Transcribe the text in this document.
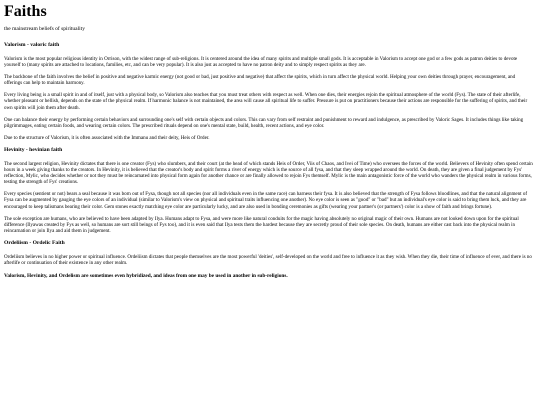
Faiths
the mainstream beliefs of spirituality
Valorism - valoric faith

Valorism is the most popular religious identity in Orrison, with the widest range of sub-religions. It is centered around the idea of many spirits and multiple small gods. It is acceptable in Valorism to accept one god or a few gods as patron deities to devote yourself to (many spirits are attached to locations, families, etc, and can be very popular). It is also just as accepted to have no patron deity and to simply respect spirits as they are.

The backbone of the faith involves the belief in positive and negative karmic energy (not good or bad, just positive and negative) that affect the spirits, which in turn affect the physical world. Helping your own deities through prayer, encouragement, and offerings can help to maintain harmony.

Every living being is a small spirit in and of itself, just with a physical body, so Valorism also teaches that you must treat others with respect as well. When one dies, their energies rejoin the spiritual atmosphere of the world (Fys). The state of their afterlife, whether pleasant or hellish, depends on the state of the physical realm. If harmonic balance is not maintained, the area will cause all spiritual life to suffer. Pressure is put on practitioners because their actions are responsible for the suffering of spirits, and their own spirits will join them after death.

One can balance their energy by performing certain behaviors and surrounding one's self with certain objects and colors. This can vary from self restraint and punishment to reward and indulgence, as prescribed by Valoric Sages. It includes things like taking pilgrimmages, eating certain foods, and wearing certain colors. The prescribed rituals depend on one's mental state, build, health, recent actions, and eye color.

Due to the structure of Valorism, it is often associated with the Immanu and their deity, Heis of Order.

Hevinity - hevinian faith

The second largest religion, Hevinity dictates that there is one creator (Fys) who slumbers, and their court (at the head of which stands Heis of Order, Viis of Chaos, and Ivei of Time) who oversees the forces of the world. Believers of Hevinity often spend certain hours in a week giving thanks to the creators. In Hevinity, it is believed that the creator's body and spirit forms a river of energy which is the source of all fysa, and that they sleep wrapped around the world. On death, they are given a final judgement by Fys' reflection, Mylic, who decides whether or not they must be reincarnated into physical form again for another chance or are finally allowed to rejoin Fys themself. Mylic is the main antagonistic force of the world who wanders the physical realm in various forms, testing the strength of Fys' creations.

Every species (sentient or not) bears a seal because it was born out of Fysa, though not all species (nor all individuals even in the same race) can harness their fysa. It is also believed that the strength of Fysa follows bloodlines, and that the natural alignment of Fysa can be augmented by gauging the eye colors of an individual (similar to Valorism's view on physical and spiritual traits influencing one another). No eye color is seen as "good" or "bad" but an individual's eye color is said to bring them luck, and they are encouraged to keep talismans bearing their color. Gem stones exactly matching eye color are particularly lucky, and are also used in bonding ceremonies as gifts (wearing your partner's (or partners') color is a show of faith and brings fortune).

The sole exception are humans, who are believed to have been adapted by Ilya. Humans adapt to Fysa, and were more like natural conduits for the magic having absolutely no original magic of their own. Humans are not looked down upon for the spiritual difference (Ilyawas created by Fys as well, so humans are sort still beings of Fys too), and it is even said that Ilya tests them the hardest because they are secretly proud of their sole species. On death, humans are either cast back into the physical realm in reincarnation or join Ilya and aid them in judgement.

Ordeliism - Ordelic Faith

Ordeliism believes in no higher power or spiritual influence. Ordeliism dictates that people themselves are the most powerful 'deities', self-developed on the world and free to influence it as they wish. When they die, their time of influence of ever, and there is no afterlife or continuation of their existence in any other realm.

Valorism, Hevinity, and Ordelism are sometimes even hybridized, and ideas from one may be used in another in sub-religions.
